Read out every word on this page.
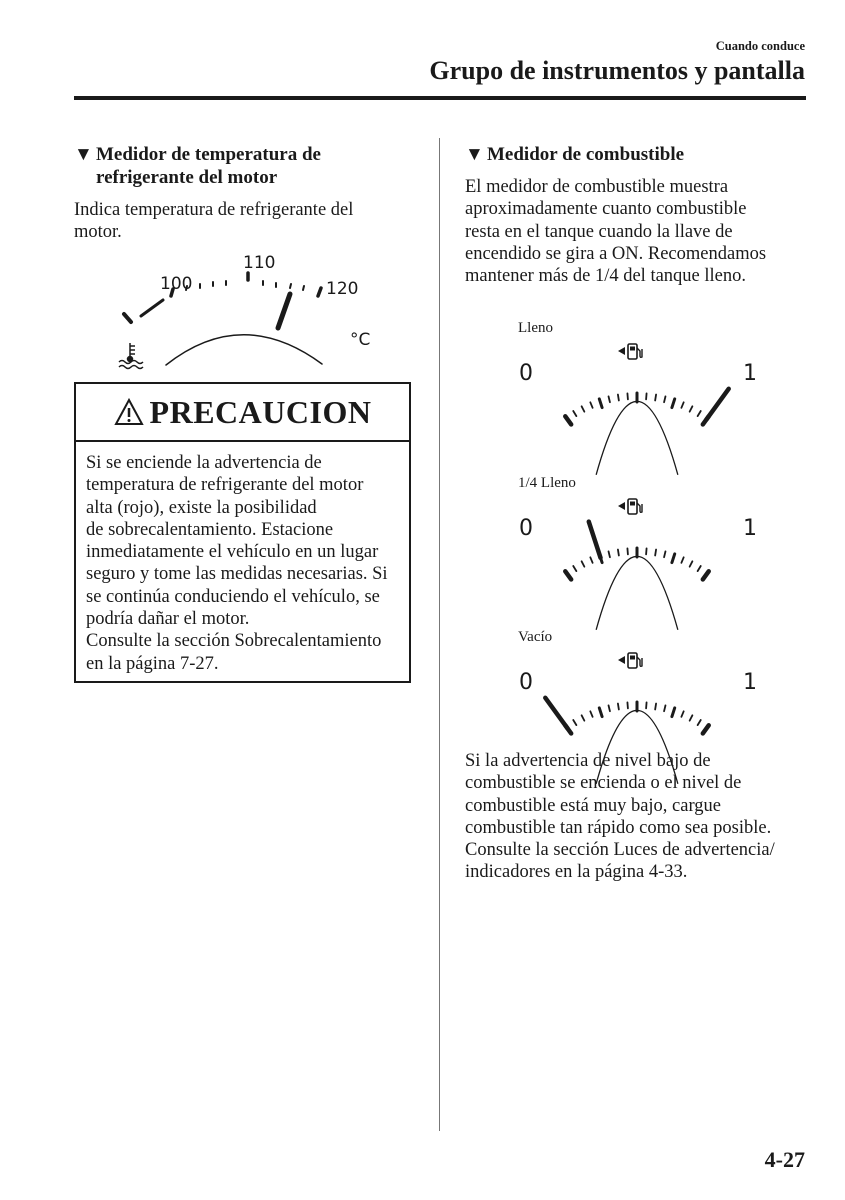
Cuando conduce
Grupo de instrumentos y pantalla
▼ Medidor de temperatura de
refrigerante del motor
Indica temperatura de refrigerante del
motor.
100
110
120
°C
PRECAUCION
Si se enciende la advertencia de
temperatura de refrigerante del motor
alta (rojo), existe la posibilidad
de sobrecalentamiento. Estacione
inmediatamente el vehículo en un lugar
seguro y tome las medidas necesarias. Si
se continúa conduciendo el vehículo, se
podría dañar el motor.
Consulte la sección Sobrecalentamiento
en la página 7-27.
▼ Medidor de combustible
El medidor de combustible muestra
aproximadamente cuanto combustible
resta en el tanque cuando la llave de
encendido se gira a ON. Recomendamos
mantener más de 1/4 del tanque lleno.
Lleno
1/4 Lleno
Vacío
0	1
0	1
0	1
Si la advertencia de nivel bajo de
combustible se encienda o el nivel de
combustible está muy bajo, cargue
combustible tan rápido como sea posible.
Consulte la sección Luces de advertencia/
indicadores en la página 4-33.
4-27
